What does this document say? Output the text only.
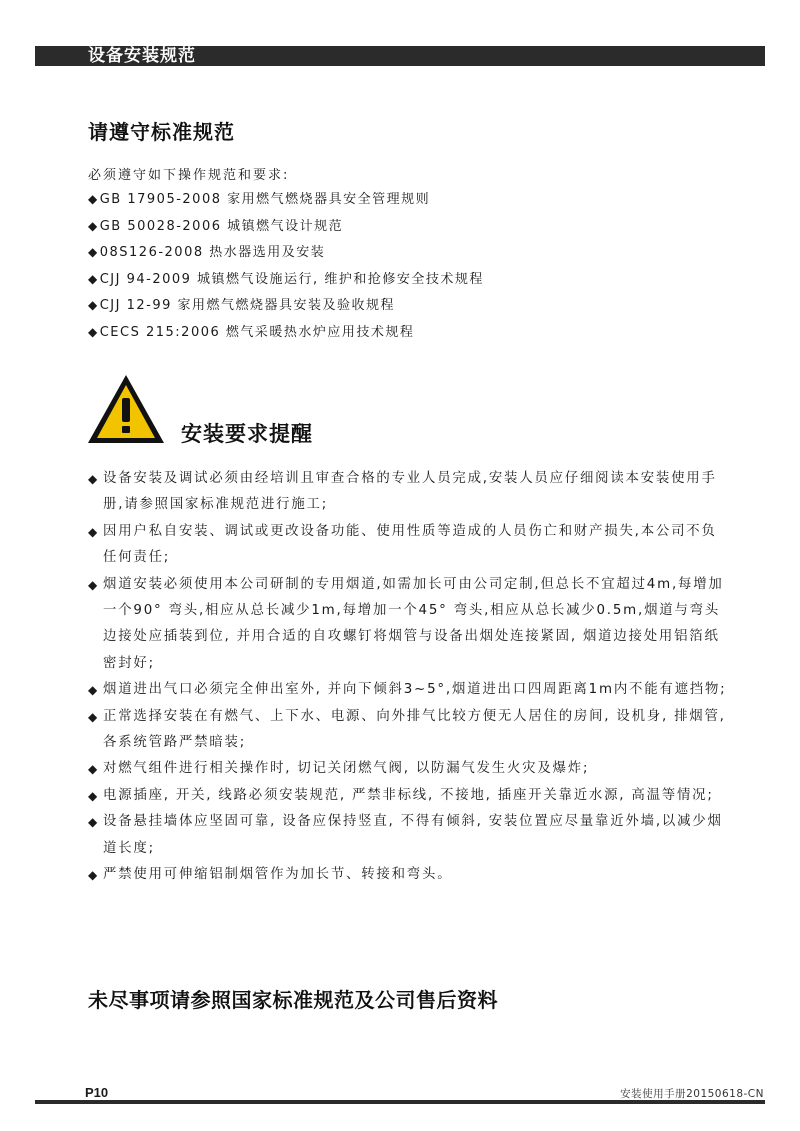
设备安装规范
请遵守标准规范
必须遵守如下操作规范和要求:
◆GB 17905-2008 家用燃气燃烧器具安全管理规则
◆GB 50028-2006 城镇燃气设计规范
◆08S126-2008 热水器选用及安装
◆CJJ 94-2009 城镇燃气设施运行, 维护和抢修安全技术规程
◆CJJ 12-99 家用燃气燃烧器具安装及验收规程
◆CECS 215:2006 燃气采暖热水炉应用技术规程
安装要求提醒
◆ 设备安装及调试必须由经培训且审查合格的专业人员完成,安装人员应仔细阅读本安装使用手册,请参照国家标准规范进行施工;
◆ 因用户私自安装、调试或更改设备功能、使用性质等造成的人员伤亡和财产损失,本公司不负任何责任;
◆ 烟道安装必须使用本公司研制的专用烟道,如需加长可由公司定制,但总长不宜超过4m,每增加一个90° 弯头,相应从总长减少1m,每增加一个45° 弯头,相应从总长减少0.5m,烟道与弯头边接处应插装到位, 并用合适的自攻螺钉将烟管与设备出烟处连接紧固, 烟道边接处用铝箔纸密封好;
◆ 烟道进出气口必须完全伸出室外, 并向下倾斜3~5°,烟道进出口四周距离1m内不能有遮挡物;
◆ 正常选择安装在有燃气、上下水、电源、向外排气比较方便无人居住的房间, 设机身, 排烟管, 各系统管路严禁暗装;
◆ 对燃气组件进行相关操作时, 切记关闭燃气阀, 以防漏气发生火灾及爆炸;
◆ 电源插座, 开关, 线路必须安装规范, 严禁非标线, 不接地, 插座开关靠近水源, 高温等情况;
◆ 设备悬挂墙体应坚固可靠, 设备应保持竖直, 不得有倾斜, 安装位置应尽量靠近外墙,以减少烟道长度;
◆ 严禁使用可伸缩铝制烟管作为加长节、转接和弯头。
未尽事项请参照国家标准规范及公司售后资料
P10	安装使用手册20150618-CN
